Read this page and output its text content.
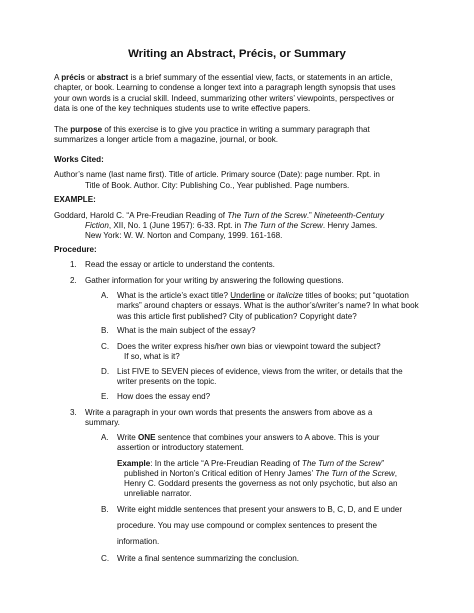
Writing an Abstract, Précis, or Summary
A précis or abstract is a brief summary of the essential view, facts, or statements in an article,
chapter, or book. Learning to condense a longer text into a paragraph length synopsis that uses
your own words is a crucial skill. Indeed, summarizing other writers’ viewpoints, perspectives or
data is one of the key techniques students use to write effective papers.
The purpose of this exercise is to give you practice in writing a summary paragraph that
summarizes a longer article from a magazine, journal, or book.
Works Cited:
Author’s name (last name first). Title of article. Primary source (Date): page number. Rpt. in
Title of Book. Author. City: Publishing Co., Year published. Page numbers.
EXAMPLE:
Goddard, Harold C. “A Pre-Freudian Reading of The Turn of the Screw.” Nineteenth-Century
Fiction, XII, No. 1 (June 1957): 6-33. Rpt. in The Turn of the Screw. Henry James.
New York: W. W. Norton and Company, 1999. 161-168.
Procedure:
1. Read the essay or article to understand the contents.
2. Gather information for your writing by answering the following questions.
A. What is the article’s exact title? Underline or italicize titles of books; put “quotation
marks” around chapters or essays. What is the author’s/writer’s name? In what book
was this article first published? City of publication? Copyright date?
B. What is the main subject of the essay?
C. Does the writer express his/her own bias or viewpoint toward the subject?
If so, what is it?
D. List FIVE to SEVEN pieces of evidence, views from the writer, or details that the
writer presents on the topic.
E. How does the essay end?
3. Write a paragraph in your own words that presents the answers from above as a
summary.
A. Write ONE sentence that combines your answers to A above. This is your
assertion or introductory statement.
Example: In the article “A Pre-Freudian Reading of The Turn of the Screw”
published in Norton’s Critical edition of Henry James’ The Turn of the Screw,
Henry C. Goddard presents the governess as not only psychotic, but also an
unreliable narrator.
B. Write eight middle sentences that present your answers to B, C, D, and E under
procedure. You may use compound or complex sentences to present the
information.
C. Write a final sentence summarizing the conclusion.
